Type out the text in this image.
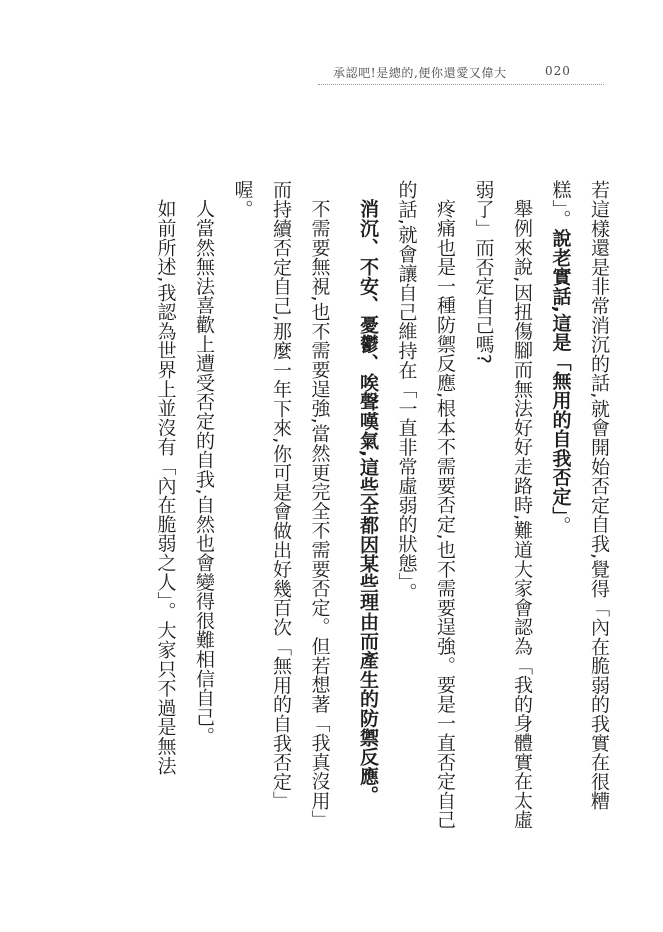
承認吧!是總的,便你還愛又偉大	020

若這樣還是非常消沉的話,就會開始否定自我,覺得「內在脆弱的我實在很糟糕」。說老實話,這是「無用的自我否定」。

舉例來說,因扭傷腳而無法好好走路時,難道大家會認為「我的身體實在太虛弱了」而否定自己嗎?

疼痛也是一種防禦反應,根本不需要否定,也不需要逞強。要是一直否定自己的話,就會讓自己維持在「一直非常虛弱的狀態」。

消沉、不安、憂鬱、唉聲嘆氣,這些全都因某些理由而產生的防禦反應。

不需要無視,也不需要逞強,當然更完全不需要否定。但若想著「我真沒用」而持續否定自己,那麼一年下來,你可是會做出好幾百次「無用的自我否定」喔。

人當然無法喜歡上遭受否定的自我,自然也會變得很難相信自己。

如前所述,我認為世界上並沒有「內在脆弱之人」。大家只不過是無法
